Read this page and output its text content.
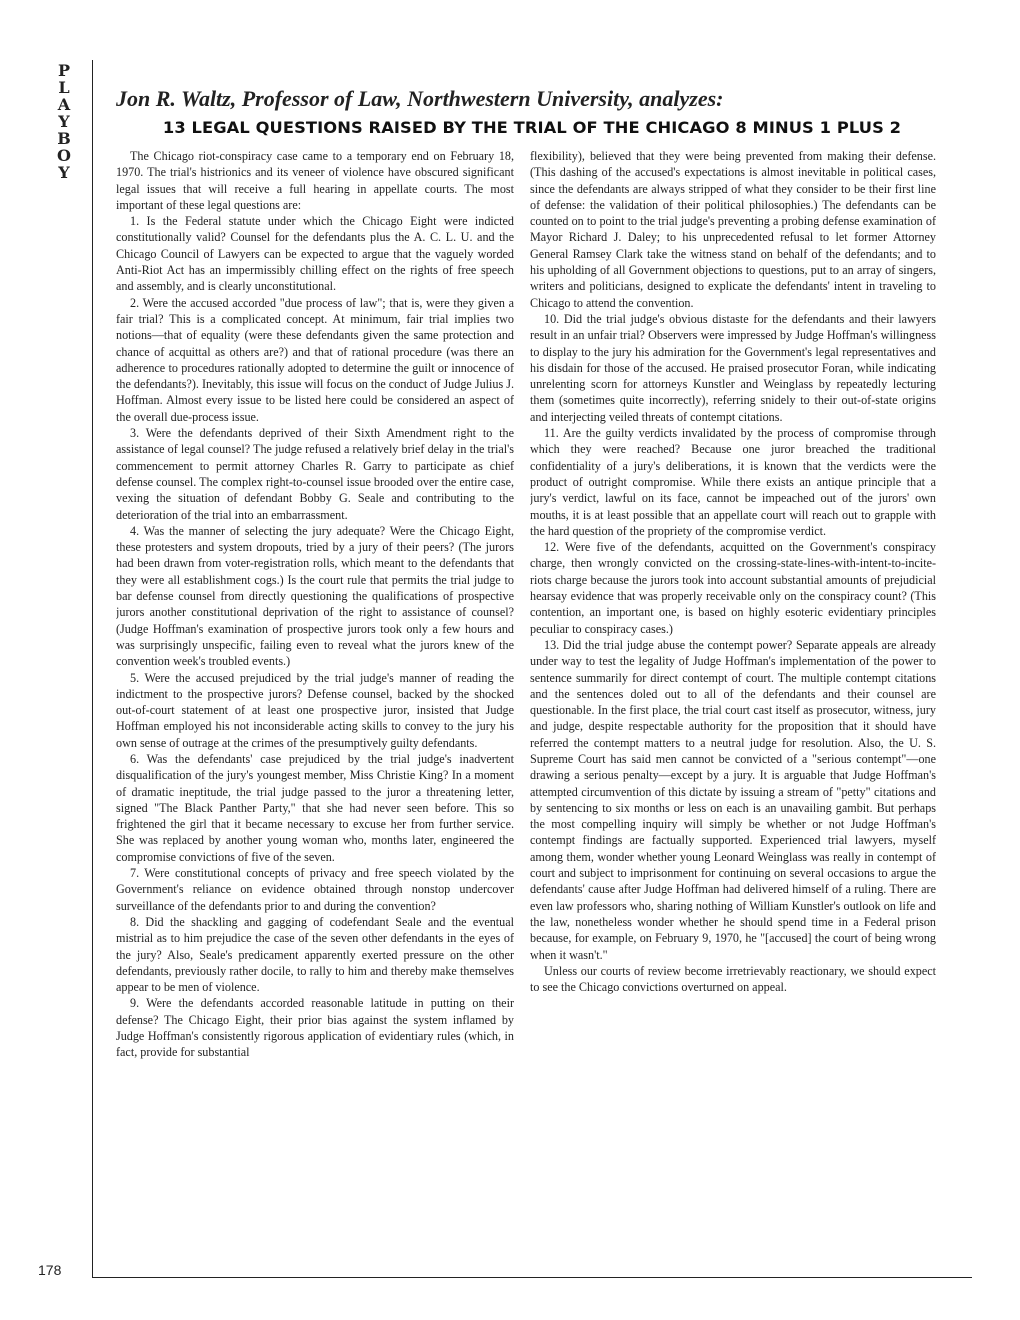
P
L
A
Y
B
O
Y
178
Jon R. Waltz, Professor of Law, Northwestern University, analyzes:
13 LEGAL QUESTIONS RAISED BY THE TRIAL OF THE CHICAGO 8 MINUS 1 PLUS 2

The Chicago riot-conspiracy case came to a temporary end on February 18, 1970. The trial's histrionics and its veneer of violence have obscured significant legal issues that will receive a full hearing in appellate courts. The most important of these legal questions are:

1. Is the Federal statute under which the Chicago Eight were indicted constitutionally valid? Counsel for the defendants plus the A. C. L. U. and the Chicago Council of Lawyers can be expected to argue that the vaguely worded Anti-Riot Act has an impermissibly chilling effect on the rights of free speech and assembly, and is clearly unconstitutional.

2. Were the accused accorded "due process of law"; that is, were they given a fair trial? This is a complicated concept. At minimum, fair trial implies two notions—that of equality (were these defendants given the same protection and chance of acquittal as others are?) and that of rational procedure (was there an adherence to procedures rationally adopted to determine the guilt or innocence of the defendants?). Inevitably, this issue will focus on the conduct of Judge Julius J. Hoffman. Almost every issue to be listed here could be considered an aspect of the overall due-process issue.

3. Were the defendants deprived of their Sixth Amendment right to the assistance of legal counsel? The judge refused a relatively brief delay in the trial's commencement to permit attorney Charles R. Garry to participate as chief defense counsel. The complex right-to-counsel issue brooded over the entire case, vexing the situation of defendant Bobby G. Seale and contributing to the deterioration of the trial into an embarrassment.

4. Was the manner of selecting the jury adequate? Were the Chicago Eight, these protesters and system dropouts, tried by a jury of their peers? (The jurors had been drawn from voter-registration rolls, which meant to the defendants that they were all establishment cogs.) Is the court rule that permits the trial judge to bar defense counsel from directly questioning the qualifications of prospective jurors another constitutional deprivation of the right to assistance of counsel? (Judge Hoffman's examination of prospective jurors took only a few hours and was surprisingly unspecific, failing even to reveal what the jurors knew of the convention week's troubled events.)

5. Were the accused prejudiced by the trial judge's manner of reading the indictment to the prospective jurors? Defense counsel, backed by the shocked out-of-court statement of at least one prospective juror, insisted that Judge Hoffman employed his not inconsiderable acting skills to convey to the jury his own sense of outrage at the crimes of the presumptively guilty defendants.

6. Was the defendants' case prejudiced by the trial judge's inadvertent disqualification of the jury's youngest member, Miss Christie King? In a moment of dramatic ineptitude, the trial judge passed to the juror a threatening letter, signed "The Black Panther Party," that she had never seen before. This so frightened the girl that it became necessary to excuse her from further service. She was replaced by another young woman who, months later, engineered the compromise convictions of five of the seven.

7. Were constitutional concepts of privacy and free speech violated by the Government's reliance on evidence obtained through nonstop undercover surveillance of the defendants prior to and during the convention?

8. Did the shackling and gagging of codefendant Seale and the eventual mistrial as to him prejudice the case of the seven other defendants in the eyes of the jury? Also, Seale's predicament apparently exerted pressure on the other defendants, previously rather docile, to rally to him and thereby make themselves appear to be men of violence.

9. Were the defendants accorded reasonable latitude in putting on their defense? The Chicago Eight, their prior bias against the system inflamed by Judge Hoffman's consistently rigorous application of evidentiary rules (which, in fact, provide for substantial

flexibility), believed that they were being prevented from making their defense. (This dashing of the accused's expectations is almost inevitable in political cases, since the defendants are always stripped of what they consider to be their first line of defense: the validation of their political philosophies.) The defendants can be counted on to point to the trial judge's preventing a probing defense examination of Mayor Richard J. Daley; to his unprecedented refusal to let former Attorney General Ramsey Clark take the witness stand on behalf of the defendants; and to his upholding of all Government objections to questions, put to an array of singers, writers and politicians, designed to explicate the defendants' intent in traveling to Chicago to attend the convention.

10. Did the trial judge's obvious distaste for the defendants and their lawyers result in an unfair trial? Observers were impressed by Judge Hoffman's willingness to display to the jury his admiration for the Government's legal representatives and his disdain for those of the accused. He praised prosecutor Foran, while indicating unrelenting scorn for attorneys Kunstler and Weinglass by repeatedly lecturing them (sometimes quite incorrectly), referring snidely to their out-of-state origins and interjecting veiled threats of contempt citations.

11. Are the guilty verdicts invalidated by the process of compromise through which they were reached? Because one juror breached the traditional confidentiality of a jury's deliberations, it is known that the verdicts were the product of outright compromise. While there exists an antique principle that a jury's verdict, lawful on its face, cannot be impeached out of the jurors' own mouths, it is at least possible that an appellate court will reach out to grapple with the hard question of the propriety of the compromise verdict.

12. Were five of the defendants, acquitted on the Government's conspiracy charge, then wrongly convicted on the crossing-state-lines-with-intent-to-incite-riots charge because the jurors took into account substantial amounts of prejudicial hearsay evidence that was properly receivable only on the conspiracy count? (This contention, an important one, is based on highly esoteric evidentiary principles peculiar to conspiracy cases.)

13. Did the trial judge abuse the contempt power? Separate appeals are already under way to test the legality of Judge Hoffman's implementation of the power to sentence summarily for direct contempt of court. The multiple contempt citations and the sentences doled out to all of the defendants and their counsel are questionable. In the first place, the trial court cast itself as prosecutor, witness, jury and judge, despite respectable authority for the proposition that it should have referred the contempt matters to a neutral judge for resolution. Also, the U. S. Supreme Court has said men cannot be convicted of a "serious contempt"—one drawing a serious penalty—except by a jury. It is arguable that Judge Hoffman's attempted circumvention of this dictate by issuing a stream of "petty" citations and by sentencing to six months or less on each is an unavailing gambit. But perhaps the most compelling inquiry will simply be whether or not Judge Hoffman's contempt findings are factually supported. Experienced trial lawyers, myself among them, wonder whether young Leonard Weinglass was really in contempt of court and subject to imprisonment for continuing on several occasions to argue the defendants' cause after Judge Hoffman had delivered himself of a ruling. There are even law professors who, sharing nothing of William Kunstler's outlook on life and the law, nonetheless wonder whether he should spend time in a Federal prison because, for example, on February 9, 1970, he "[accused] the court of being wrong when it wasn't."

Unless our courts of review become irretrievably reactionary, we should expect to see the Chicago convictions overturned on appeal.
